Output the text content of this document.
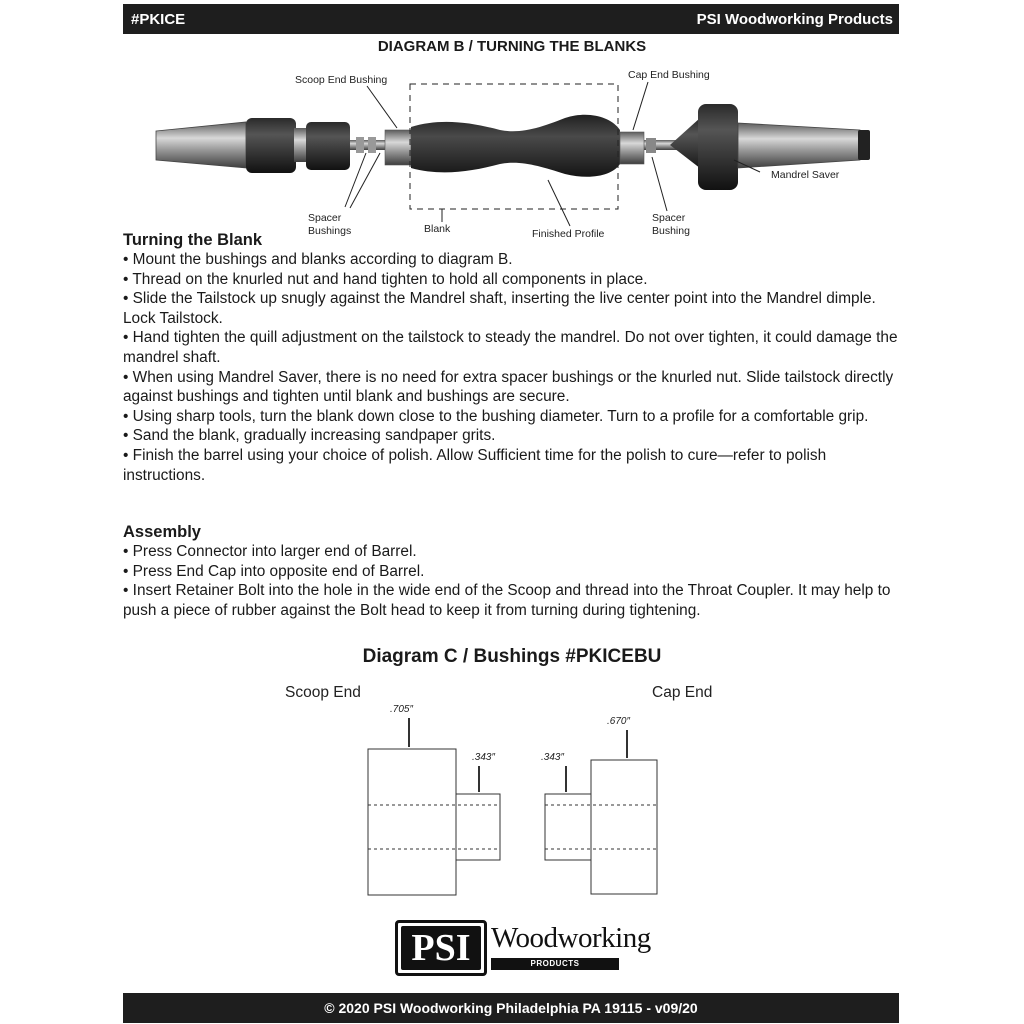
#PKICE	PSI Woodworking Products
DIAGRAM B / TURNING THE BLANKS
Scoop End Bushing	Cap End Bushing
Mandrel Saver
Spacer
Bushings	Blank	Finished Profile
Spacer
Bushing
Turning the Blank
• Mount the bushings and blanks according to diagram B.
• Thread on the knurled nut and hand tighten to hold all components in place.
• Slide the Tailstock up snugly against the Mandrel shaft, inserting the live center point into the Mandrel dimple. Lock Tailstock.
• Hand tighten the quill adjustment on the tailstock to steady the mandrel. Do not over tighten, it could damage the mandrel shaft.
• When using Mandrel Saver, there is no need for extra spacer bushings or the knurled nut. Slide tailstock directly against bushings and tighten until blank and bushings are secure.
• Using sharp tools, turn the blank down close to the bushing diameter. Turn to a profile for a comfortable grip.
• Sand the blank, gradually increasing sandpaper grits.
• Finish the barrel using your choice of polish. Allow Sufficient time for the polish to cure—refer to polish instructions.
Assembly
• Press Connector into larger end of Barrel.
• Press End Cap into opposite end of Barrel.
• Insert Retainer Bolt into the hole in the wide end of the Scoop and thread into the Throat Coupler. It may help to push a piece of rubber against the Bolt head to keep it from turning during tightening.
Diagram C / Bushings #PKICEBU
Scoop End	Cap End
.705″
.343″	.343″
.670″
PSI Woodworking
PRODUCTS
© 2020 PSI Woodworking Philadelphia PA 19115 - v09/20
